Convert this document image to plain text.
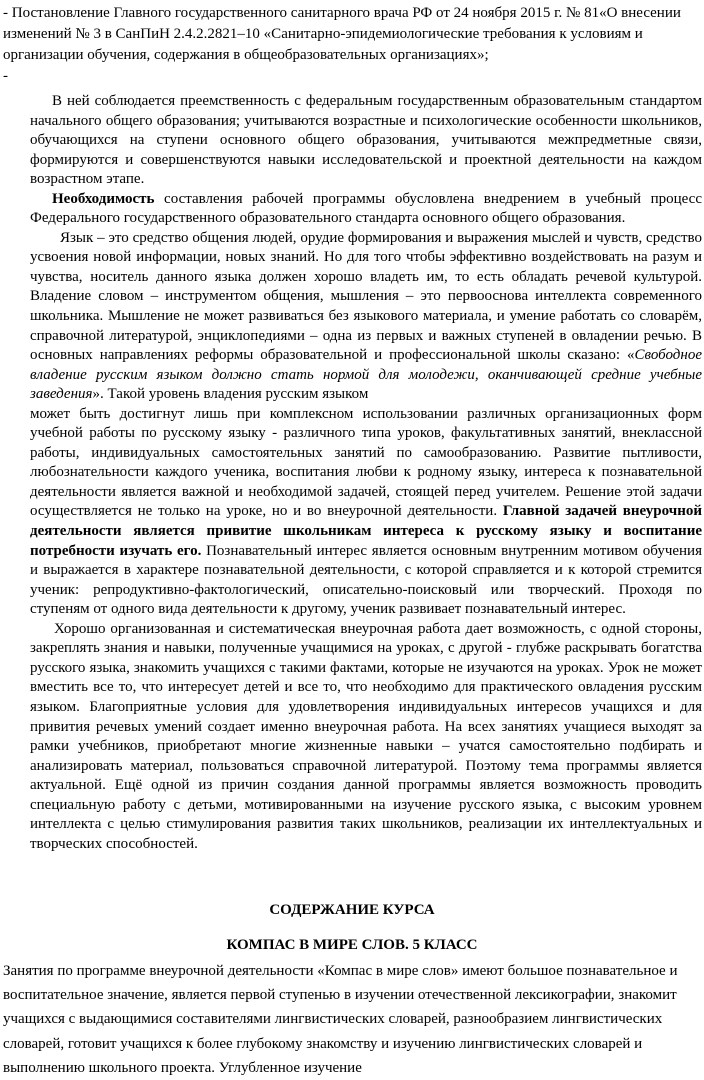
- Постановление Главного государственного санитарного врача РФ от 24 ноября 2015 г. № 81«О внесении изменений № 3 в СанПиН 2.4.2.2821–10 «Санитарно-эпидемиологические требования к условиям и организации обучения, содержания в общеобразовательных организациях»;

-

В ней соблюдается преемственность с федеральным государственным образовательным стандартом начального общего образования; учитываются возрастные и психологические особенности школьников, обучающихся на ступени основного общего образования, учитываются межпредметные связи, формируются и совершенствуются навыки исследовательской и проектной деятельности на каждом возрастном этапе.

Необходимость составления рабочей программы обусловлена внедрением в учебный процесс Федерального государственного образовательного стандарта основного общего образования.

Язык – это средство общения людей, орудие формирования и выражения мыслей и чувств, средство усвоения новой информации, новых знаний. Но для того чтобы эффективно воздействовать на разум и чувства, носитель данного языка должен хорошо владеть им, то есть обладать речевой культурой. Владение словом – инструментом общения, мышления – это первооснова интеллекта современного школьника. Мышление не может развиваться без языкового материала, и умение работать со словарём, справочной литературой, энциклопедиями – одна из первых и важных ступеней в овладении речью. В основных направлениях реформы образовательной и профессиональной школы сказано: «Свободное владение русским языком должно стать нормой для молодежи, оканчивающей средние учебные заведения». Такой уровень владения русским языком

может быть достигнут лишь при комплексном использовании различных организационных форм учебной работы по русскому языку - различного типа уроков, факультативных занятий, внеклассной работы, индивидуальных самостоятельных занятий по самообразованию. Развитие пытливости, любознательности каждого ученика, воспитания любви к родному языку, интереса к познавательной деятельности является важной и необходимой задачей, стоящей перед учителем. Решение этой задачи осуществляется не только на уроке, но и во внеурочной деятельности. Главной задачей внеурочной деятельности является привитие школьникам интереса к русскому языку и воспитание потребности изучать его. Познавательный интерес является основным внутренним мотивом обучения и выражается в характере познавательной деятельности, с которой справляется и к которой стремится ученик: репродуктивно-фактологический, описательно-поисковый или творческий. Проходя по ступеням от одного вида деятельности к другому, ученик развивает познавательный интерес.

Хорошо организованная и систематическая внеурочная работа дает возможность, с одной стороны, закреплять знания и навыки, полученные учащимися на уроках, с другой - глубже раскрывать богатства русского языка, знакомить учащихся с такими фактами, которые не изучаются на уроках. Урок не может вместить все то, что интересует детей и все то, что необходимо для практического овладения русским языком. Благоприятные условия для удовлетворения индивидуальных интересов учащихся и для привития речевых умений создает именно внеурочная работа. На всех занятиях учащиеся выходят за рамки учебников, приобретают многие жизненные навыки – учатся самостоятельно подбирать и анализировать материал, пользоваться справочной литературой. Поэтому тема программы является актуальной. Ещё одной из причин создания данной программы является возможность проводить специальную работу с детьми, мотивированными на изучение русского языка, с высоким уровнем интеллекта с целью стимулирования развития таких школьников, реализации их интеллектуальных и творческих способностей.

СОДЕРЖАНИЕ КУРСА
КОМПАС В МИРЕ СЛОВ. 5 КЛАСС

Занятия по программе внеурочной деятельности «Компас в мире слов» имеют большое познавательное и воспитательное значение, является первой ступенью в изучении отечественной лексикографии, знакомит учащихся с выдающимися составителями лингвистических словарей, разнообразием лингвистических словарей, готовит учащихся к более глубокому знакомству и изучению лингвистических словарей и выполнению школьного проекта. Углубленное изучение
